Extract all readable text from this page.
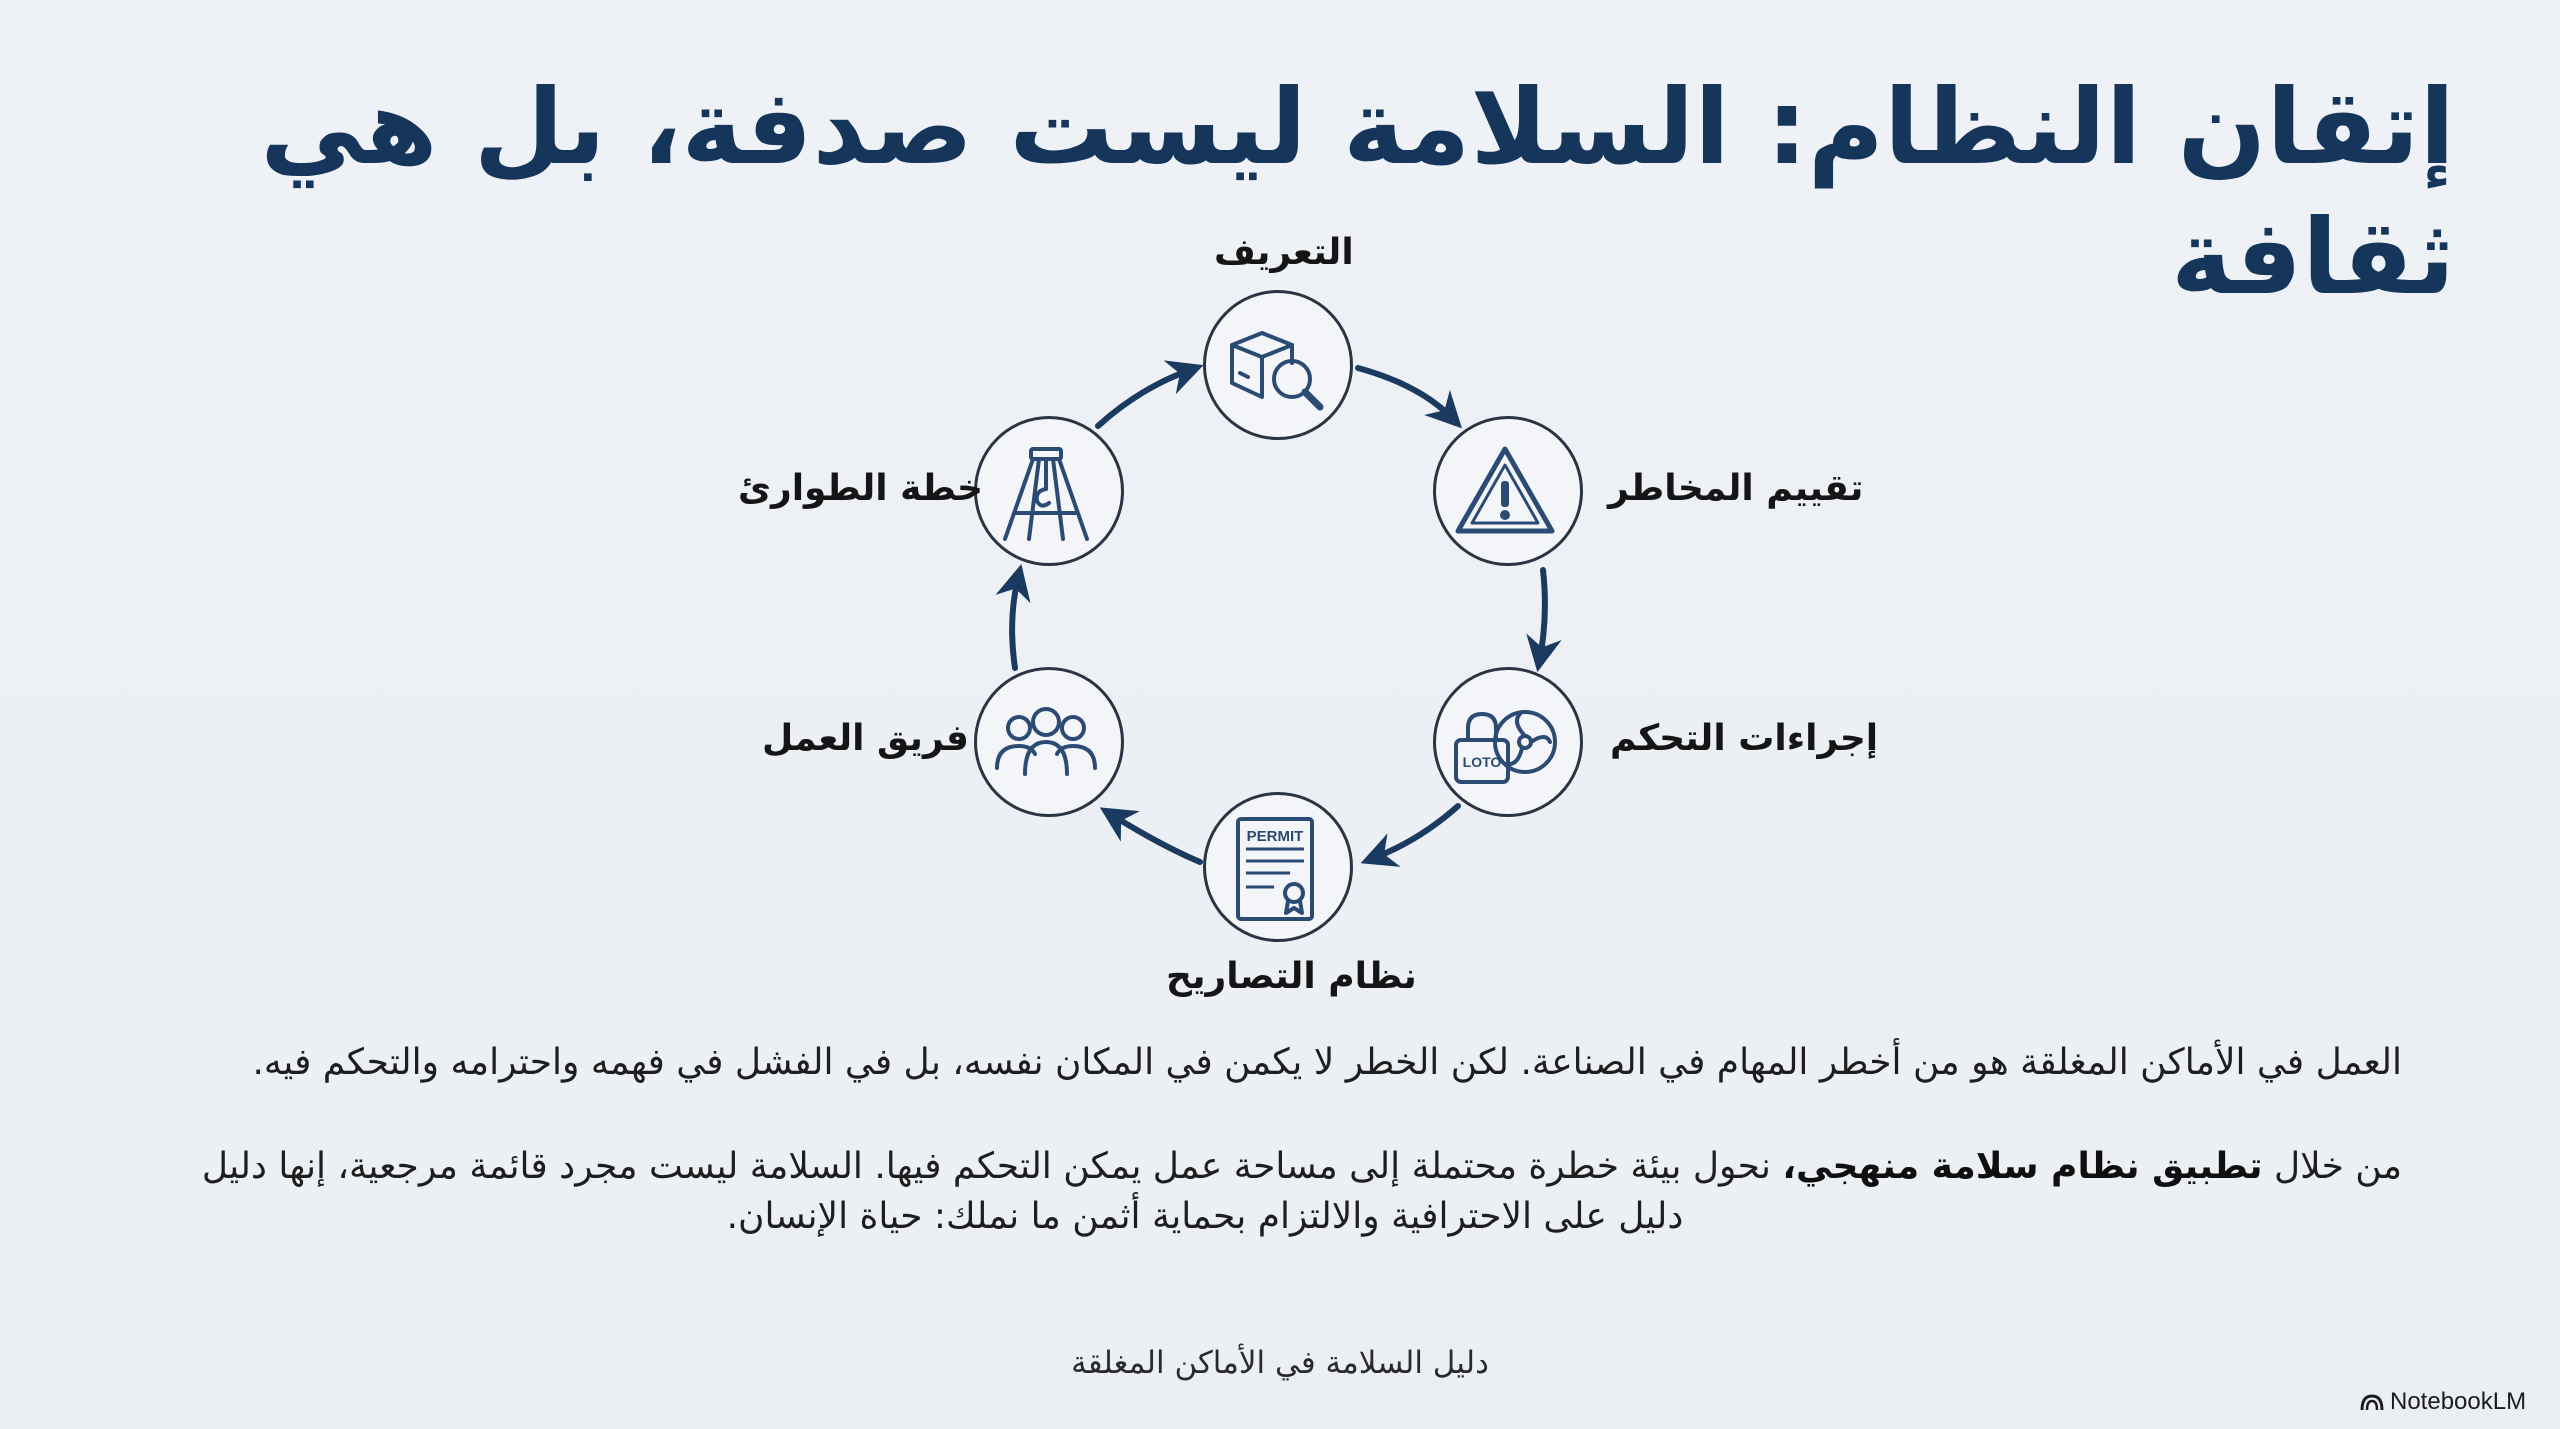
إتقان النظام: السلامة ليست صدفة، بل هي ثقافة
التعريف
تقييم المخاطر
LOTO
إجراءات التحكم
PERMIT
نظام التصاريح
فريق العمل
خطة الطوارئ

العمل في الأماكن المغلقة هو من أخطر المهام في الصناعة. لكن الخطر لا يكمن في المكان نفسه، بل في الفشل في فهمه واحترامه والتحكم فيه.

من خلال تطبيق نظام سلامة منهجي، نحول بيئة خطرة محتملة إلى مساحة عمل يمكن التحكم فيها. السلامة ليست مجرد قائمة مرجعية، إنها دليل

دليل على الاحترافية والالتزام بحماية أثمن ما نملك: حياة الإنسان.

دليل السلامة في الأماكن المغلقة
NotebookLM
